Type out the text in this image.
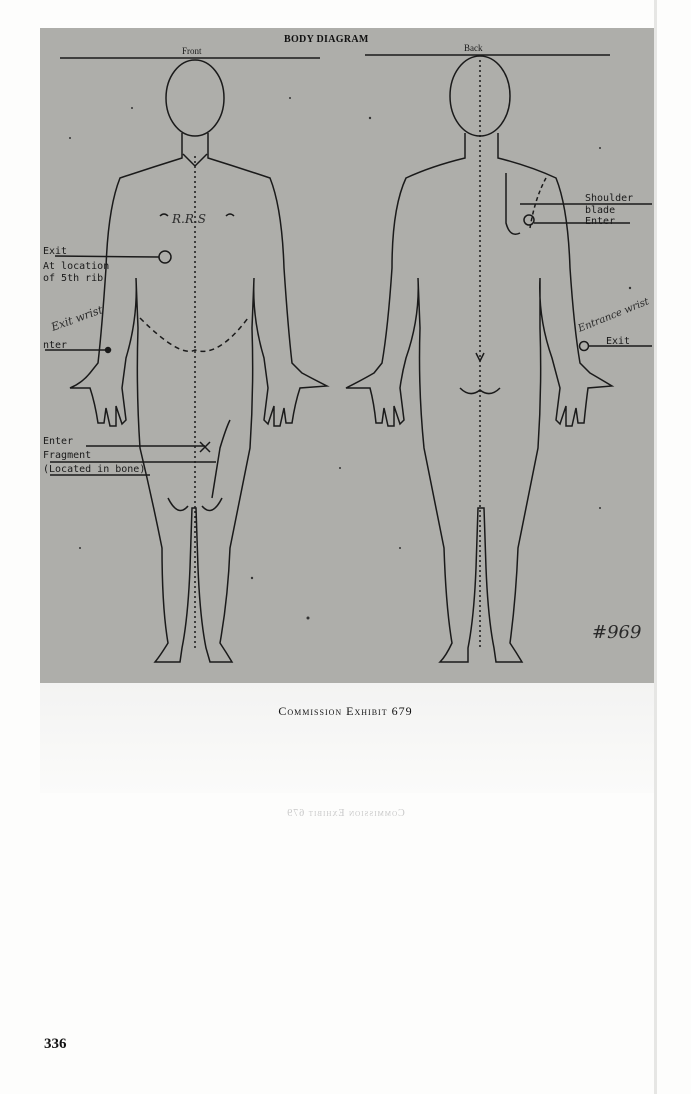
BODY DIAGRAM
Front	Back
Exit
At location
of 5th rib
nter
Enter
Fragment
(Located in bone)
R.R.S
Exit wrist
Shoulder
blade
Enter
Exit
Entrance wrist
#969
Commission Exhibit 679
Commission Exhibit 679
336
